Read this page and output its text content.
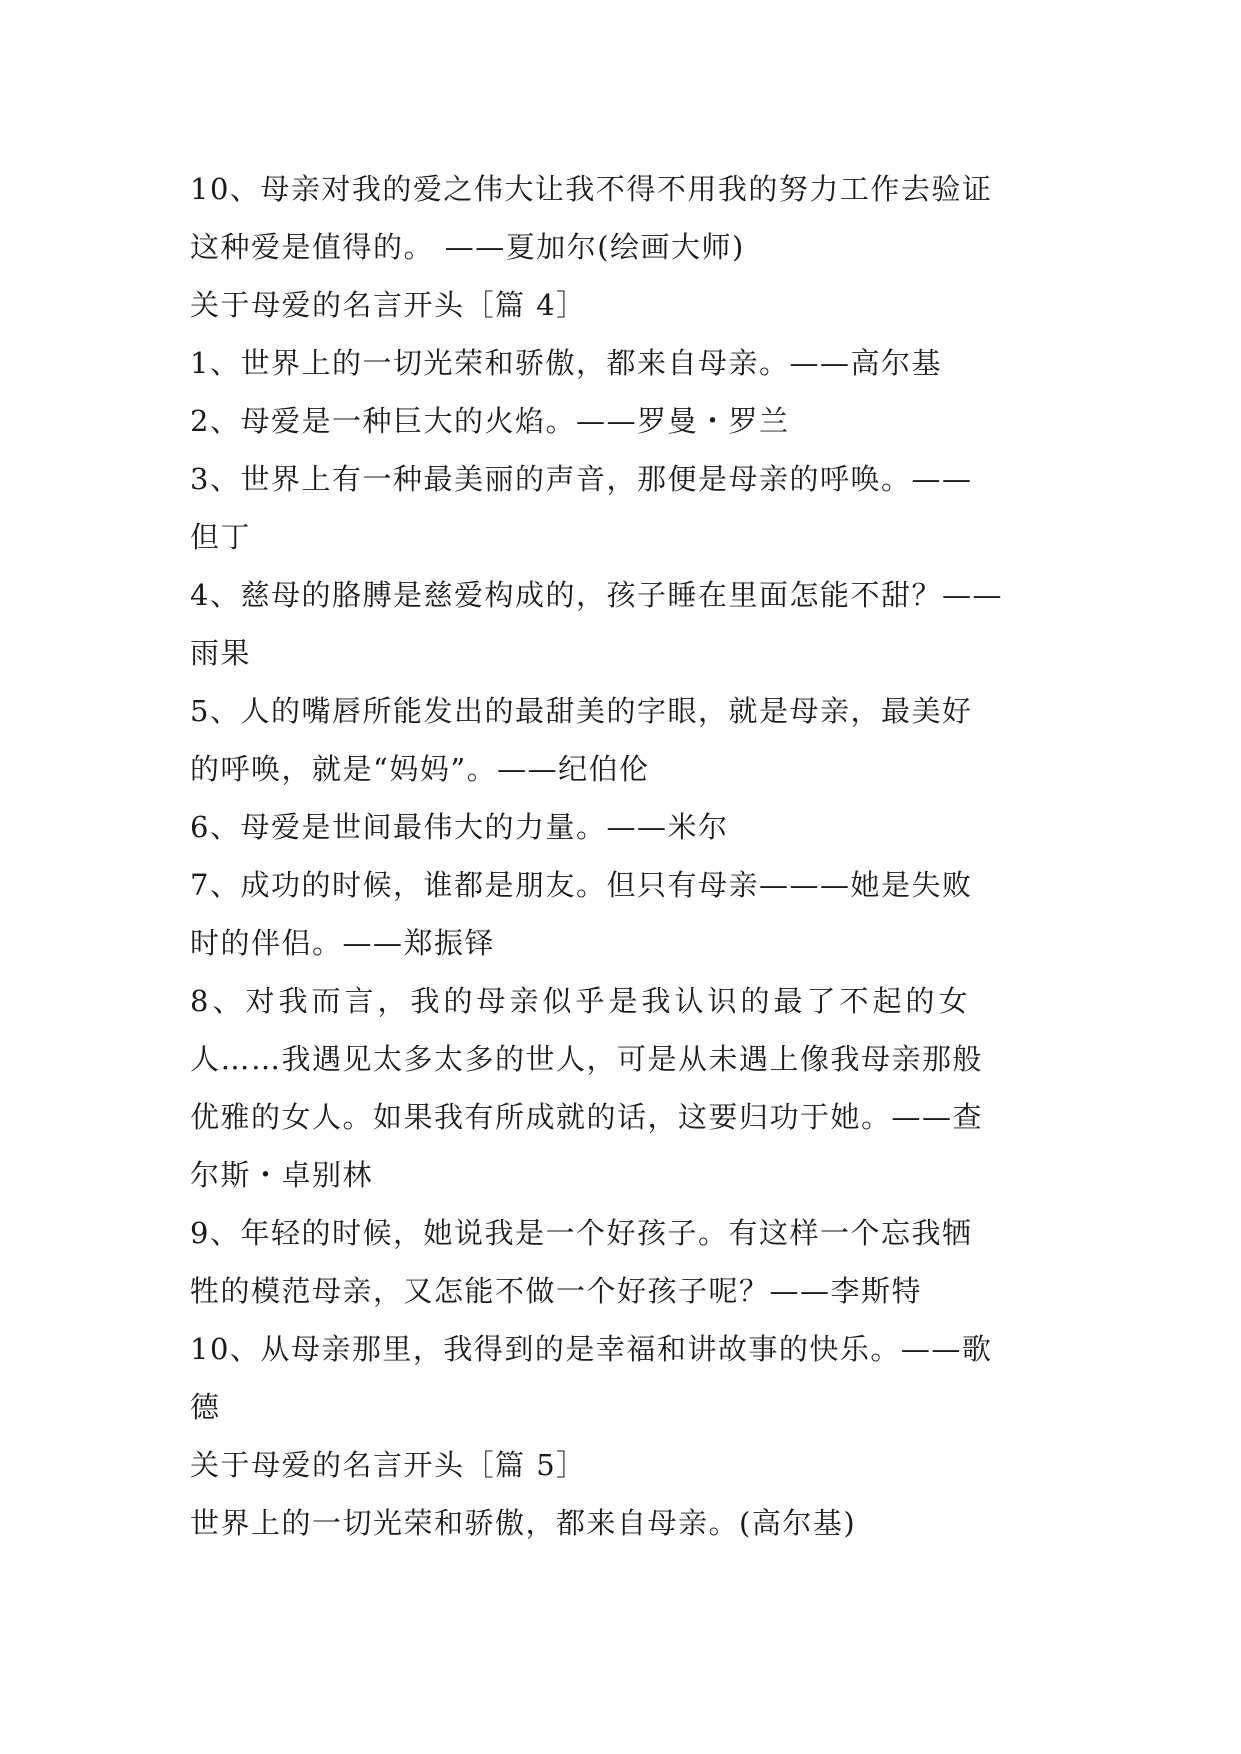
10、母亲对我的爱之伟大让我不得不用我的努力工作去验证
这种爱是值得的。 ——夏加尔(绘画大师)
关于母爱的名言开头［篇 4］
1、世界上的一切光荣和骄傲，都来自母亲。——高尔基
2、母爱是一种巨大的火焰。——罗曼・罗兰
3、世界上有一种最美丽的声音，那便是母亲的呼唤。——
但丁
4、慈母的胳膊是慈爱构成的，孩子睡在里面怎能不甜？——
雨果
5、人的嘴唇所能发出的最甜美的字眼，就是母亲，最美好
的呼唤，就是“妈妈”。——纪伯伦
6、母爱是世间最伟大的力量。——米尔
7、成功的时候，谁都是朋友。但只有母亲———她是失败
时的伴侣。——郑振铎
8、对我而言，我的母亲似乎是我认识的最了不起的女
人……我遇见太多太多的世人，可是从未遇上像我母亲那般
优雅的女人。如果我有所成就的话，这要归功于她。——查
尔斯・卓别林
9、年轻的时候，她说我是一个好孩子。有这样一个忘我牺
牲的模范母亲，又怎能不做一个好孩子呢？——李斯特
10、从母亲那里，我得到的是幸福和讲故事的快乐。——歌
德
关于母爱的名言开头［篇 5］
世界上的一切光荣和骄傲，都来自母亲。(高尔基)
